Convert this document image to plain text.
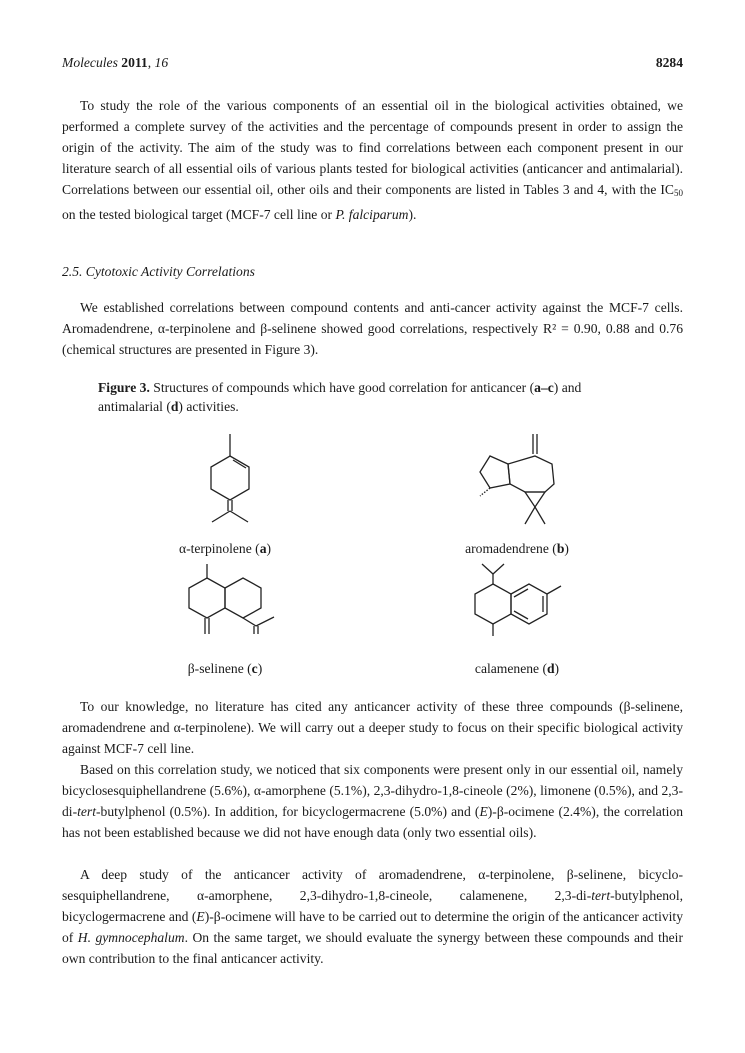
Molecules 2011, 16	8284

To study the role of the various components of an essential oil in the biological activities obtained, we performed a complete survey of the activities and the percentage of compounds present in order to assign the origin of the activity. The aim of the study was to find correlations between each component present in our literature search of all essential oils of various plants tested for biological activities (anticancer and antimalarial). Correlations between our essential oil, other oils and their components are listed in Tables 3 and 4, with the $IC_{50}$ on the tested biological target (MCF-7 cell line or P. falciparum).

2.5. Cytotoxic Activity Correlations

We established correlations between compound contents and anti-cancer activity against the MCF-7 cells. Aromadendrene, α-terpinolene and β-selinene showed good correlations, respectively R² = 0.90, 0.88 and 0.76 (chemical structures are presented in Figure 3).

Figure 3. Structures of compounds which have good correlation for anticancer (a–c) and antimalarial (d) activities.
α-terpinolene (a)	aromadendrene (b)
β-selinene (c)	calamenene (d)

To our knowledge, no literature has cited any anticancer activity of these three compounds (β-selinene, aromadendrene and α-terpinolene). We will carry out a deeper study to focus on their specific biological activity against MCF-7 cell line.

Based on this correlation study, we noticed that six components were present only in our essential oil, namely bicyclosesquiphellandrene (5.6%), α-amorphene (5.1%), 2,3-dihydro-1,8-cineole (2%), limonene (0.5%), and 2,3-di-tert-butylphenol (0.5%). In addition, for bicyclogermacrene (5.0%) and (E)-β-ocimene (2.4%), the correlation has not been established because we did not have enough data (only two essential oils).

A deep study of the anticancer activity of aromadendrene, α-terpinolene, β-selinene, bicyclo-sesquiphellandrene, α-amorphene, 2,3-dihydro-1,8-cineole, calamenene, 2,3-di-tert-butylphenol, bicyclogermacrene and (E)-β-ocimene will have to be carried out to determine the origin of the anticancer activity of H. gymnocephalum. On the same target, we should evaluate the synergy between these compounds and their own contribution to the final anticancer activity.
